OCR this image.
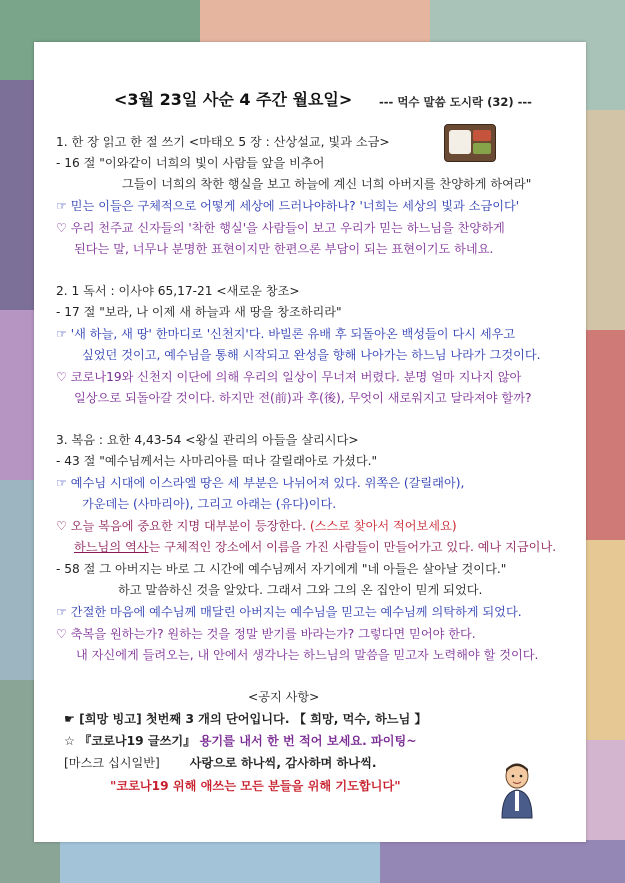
<3월 23일 사순 4 주간 월요일> --- 먹수 말씀 도시락 (32) ---
1. 한 장 읽고 한 절 쓰기 <마태오 5 장 : 산상설교, 빛과 소금>
- 16 절 "이와같이 너희의 빛이 사람들 앞을 비추어
그들이 너희의 착한 행실을 보고 하늘에 계신 너희 아버지를 찬양하게 하여라"
☞ 믿는 이들은 구체적으로 어떻게 세상에 드러나야하나? '너희는 세상의 빛과 소금이다'
♡ 우리 천주교 신자들의 '착한 행실'을 사람들이 보고 우리가 믿는 하느님을 찬양하게
된다는 말, 너무나 분명한 표현이지만 한편으론 부담이 되는 표현이기도 하네요.
2. 1 독서 : 이사야 65,17-21 <새로운 창조>
- 17 절 "보라, 나 이제 새 하늘과 새 땅을 창조하리라"
☞ '새 하늘, 새 땅' 한마디로 '신천지'다. 바빌론 유배 후 되돌아온 백성들이 다시 세우고
싶었던 것이고, 예수님을 통해 시작되고 완성을 향해 나아가는 하느님 나라가 그것이다.
♡ 코로나19와 신천지 이단에 의해 우리의 일상이 무너져 버렸다. 분명 얼마 지나지 않아
일상으로 되돌아갈 것이다. 하지만 전(前)과 후(後), 무엇이 새로워지고 달라져야 할까?
3. 복음 : 요한 4,43-54 <왕실 관리의 아들을 살리시다>
- 43 절 "예수님께서는 사마리아를 떠나 갈릴래아로 가셨다."
☞ 예수님 시대에 이스라엘 땅은 세 부분은 나뉘어져 있다. 위쪽은 (갈릴래아),
가운데는 (사마리아), 그리고 아래는 (유다)이다.
♡ 오늘 복음에 중요한 지명 대부분이 등장한다. (스스로 찾아서 적어보세요)
하느님의 역사는 구체적인 장소에서 이름을 가진 사람들이 만들어가고 있다. 예나 지금이나.
- 58 절 그 아버지는 바로 그 시간에 예수님께서 자기에게 "네 아들은 살아날 것이다."
하고 말씀하신 것을 알았다. 그래서 그와 그의 온 집안이 믿게 되었다.
☞ 간절한 마음에 예수님께 매달린 아버지는 예수님을 믿고는 예수님께 의탁하게 되었다.
♡ 축복을 원하는가? 원하는 것을 정말 받기를 바라는가? 그렇다면 믿어야 한다.
내 자신에게 들려오는, 내 안에서 생각나는 하느님의 말씀을 믿고자 노력해야 할 것이다.
<공지 사항>
☛ [희망 빙고] 첫번째 3 개의 단어입니다. 【 희망, 먹수, 하느님 】
☆ 『코로나19 글쓰기』 용기를 내서 한 번 적어 보세요. 파이팅~
[마스크 십시일반] 사랑으로 하나씩, 감사하며 하나씩.
"코로나19 위해 애쓰는 모든 분들을 위해 기도합니다"
